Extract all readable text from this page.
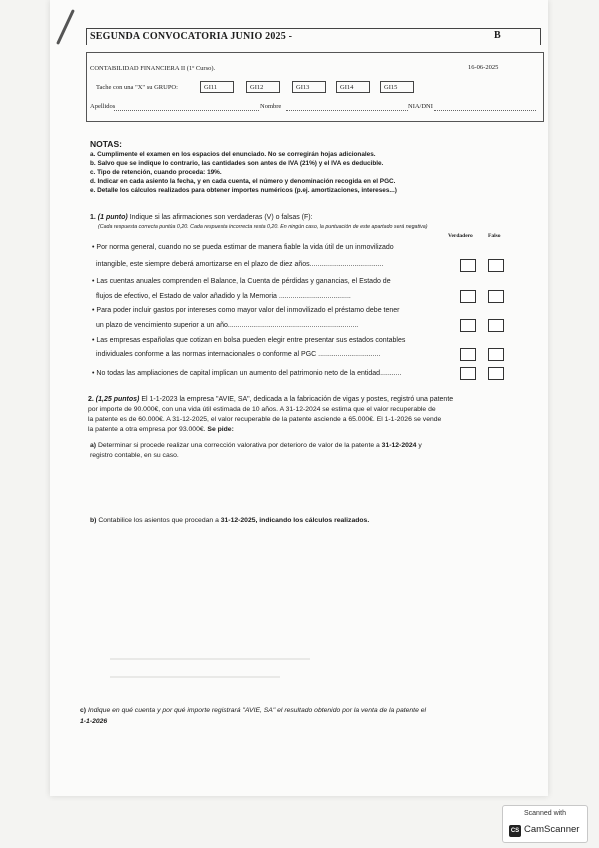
SEGUNDA CONVOCATORIA JUNIO 2025 -	B
CONTABILIDAD FINANCIERA II (1º Curso).	16-06-2025
Tache con una "X" su GRUPO:	GI11	GI12	GI13	GI14	GI15
Apellidos	Nombre	NIA/DNI
NOTAS:
a. Cumplimente el examen en los espacios del enunciado. No se corregirán hojas adicionales.
b. Salvo que se indique lo contrario, las cantidades son antes de IVA (21%) y el IVA es deducible.
c. Tipo de retención, cuando proceda: 19%.
d. Indicar en cada asiento la fecha, y en cada cuenta, el número y denominación recogida en el PGC.
e. Detalle los cálculos realizados para obtener importes numéricos (p.ej. amortizaciones, intereses...)
1. (1 punto) Indique si las afirmaciones son verdaderas (V) o falsas (F):
(Cada respuesta correcta puntúa 0,20. Cada respuesta incorrecta resta 0,20. En ningún caso, la puntuación de este apartado será negativa)
Verdadero	Falso
• Por norma general, cuando no se pueda estimar de manera fiable la vida útil de un inmovilizado
intangible, este siempre deberá amortizarse en el plazo de diez años......................................
• Las cuentas anuales comprenden el Balance, la Cuenta de pérdidas y ganancias, el Estado de
flujos de efectivo, el Estado de valor añadido y la Memoria .....................................
• Para poder incluir gastos por intereses como mayor valor del inmovilizado el préstamo debe tener
un plazo de vencimiento superior a un año...................................................................
• Las empresas españolas que cotizan en bolsa pueden elegir entre presentar sus estados contables
individuales conforme a las normas internacionales o conforme al PGC ................................
• No todas las ampliaciones de capital implican un aumento del patrimonio neto de la entidad...........
2. (1,25 puntos) El 1-1-2023 la empresa "AVIE, SA", dedicada a la fabricación de vigas y postes, registró una patente
por importe de 90.000€, con una vida útil estimada de 10 años. A 31-12-2024 se estima que el valor recuperable de
la patente es de 60.000€. A 31-12-2025, el valor recuperable de la patente asciende a 65.000€. El 1-1-2026 se vende
la patente a otra empresa por 93.000€. Se pide:
a) Determinar si procede realizar una corrección valorativa por deterioro de valor de la patente a 31-12-2024 y
registro contable, en su caso.
b) Contabilice los asientos que procedan a 31-12-2025, indicando los cálculos realizados.
c) Indique en qué cuenta y por qué importe registrará "AVIE, SA" el resultado obtenido por la venta de la patente el
1-1-2026
Scanned with
CS CamScanner
